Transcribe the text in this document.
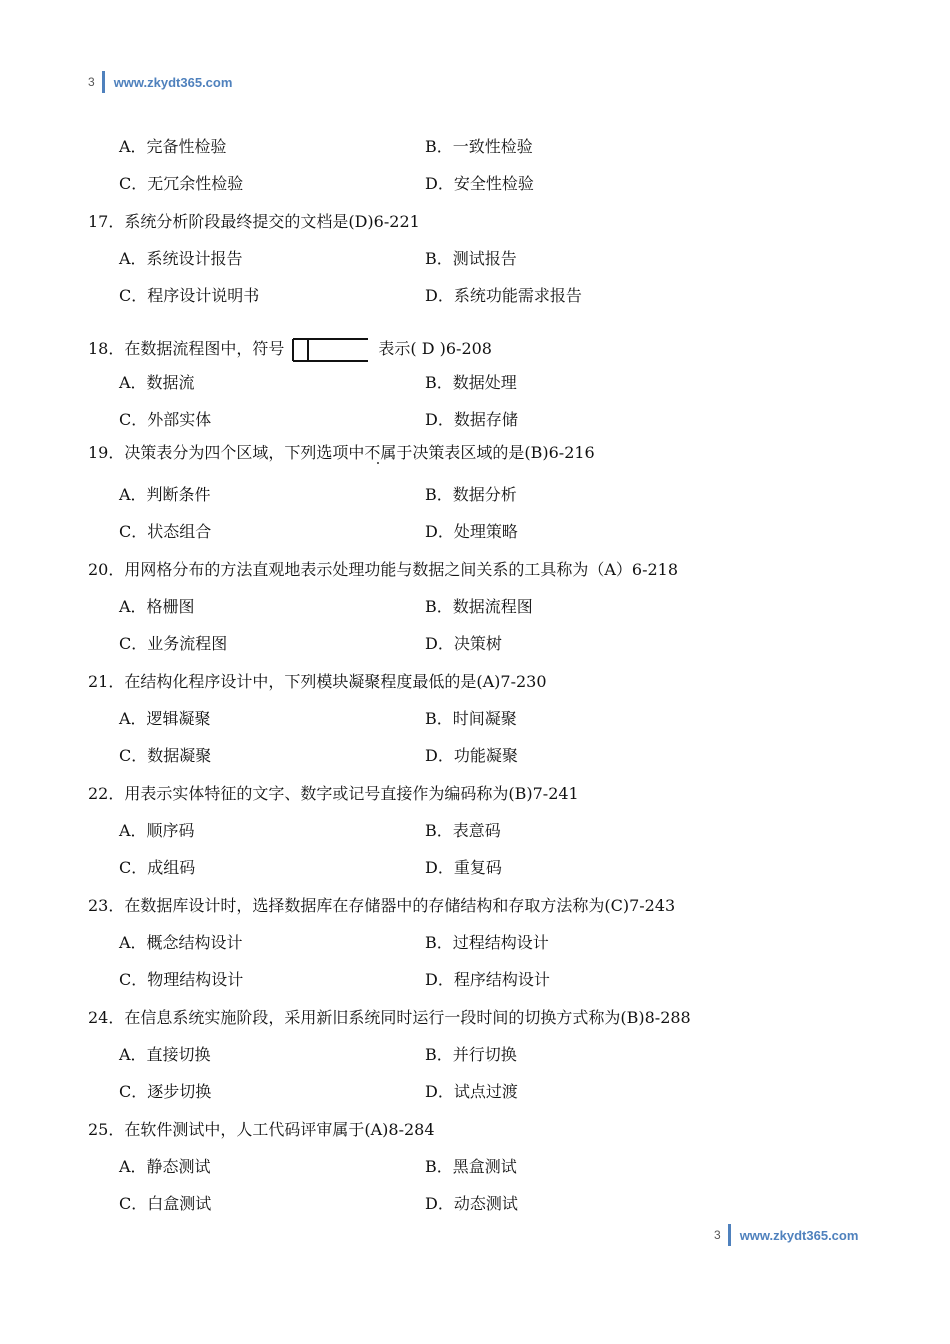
3 www.zkydt365.com
A．完备性检验	B．一致性检验
C．无冗余性检验	D．安全性检验
17．系统分析阶段最终提交的文档是(D)6-221
A．系统设计报告	B．测试报告
C．程序设计说明书	D．系统功能需求报告
18．在数据流程图中，符号	表示( D )6-208
A．数据流	B．数据处理
C．外部实体	D．数据存储
19．决策表分为四个区域，下列选项中不属于决策表区域的是(B)6-216
A．判断条件	B．数据分析
C．状态组合	D．处理策略
20．用网格分布的方法直观地表示处理功能与数据之间关系的工具称为（A）6-218
A．格栅图	B．数据流程图
C．业务流程图	D．决策树
21．在结构化程序设计中，下列模块凝聚程度最低的是(A)7-230
A．逻辑凝聚	B．时间凝聚
C．数据凝聚	D．功能凝聚
22．用表示实体特征的文字、数字或记号直接作为编码称为(B)7-241
A．顺序码	B．表意码
C．成组码	D．重复码
23．在数据库设计时，选择数据库在存储器中的存储结构和存取方法称为(C)7-243
A．概念结构设计	B．过程结构设计
C．物理结构设计	D．程序结构设计
24．在信息系统实施阶段，采用新旧系统同时运行一段时间的切换方式称为(B)8-288
A．直接切换	B．并行切换
C．逐步切换	D．试点过渡
25．在软件测试中，人工代码评审属于(A)8-284
A．静态测试	B．黑盒测试
C．白盒测试	D．动态测试
3 www.zkydt365.com
